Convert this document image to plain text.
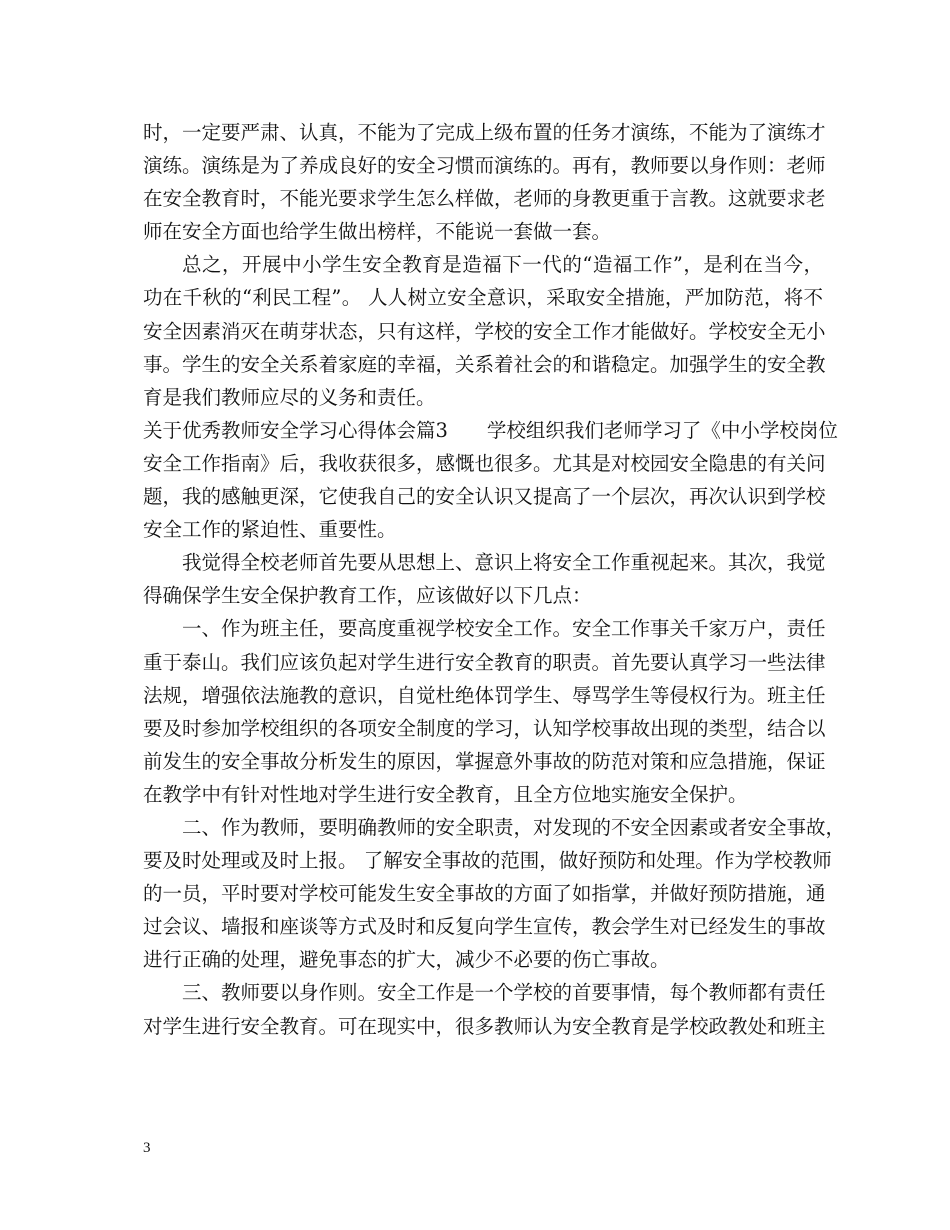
时，一定要严肃、认真，不能为了完成上级布置的任务才演练，不能为了演练才
演练。演练是为了养成良好的安全习惯而演练的。再有，教师要以身作则：老师
在安全教育时，不能光要求学生怎么样做，老师的身教更重于言教。这就要求老
师在安全方面也给学生做出榜样，不能说一套做一套。
总之，开展中小学生安全教育是造福下一代的“造福工作”，是利在当今，
功在千秋的“利民工程”。 人人树立安全意识，采取安全措施，严加防范，将不
安全因素消灭在萌芽状态，只有这样，学校的安全工作才能做好。学校安全无小
事。学生的安全关系着家庭的幸福，关系着社会的和谐稳定。加强学生的安全教
育是我们教师应尽的义务和责任。
关于优秀教师安全学习心得体会篇3　　学校组织我们老师学习了《中小学校岗位
安全工作指南》后，我收获很多，感慨也很多。尤其是对校园安全隐患的有关问
题，我的感触更深，它使我自己的安全认识又提高了一个层次，再次认识到学校
安全工作的紧迫性、重要性。
我觉得全校老师首先要从思想上、意识上将安全工作重视起来。其次，我觉
得确保学生安全保护教育工作，应该做好以下几点：
一、作为班主任，要高度重视学校安全工作。安全工作事关千家万户，责任
重于泰山。我们应该负起对学生进行安全教育的职责。首先要认真学习一些法律
法规，增强依法施教的意识，自觉杜绝体罚学生、辱骂学生等侵权行为。班主任
要及时参加学校组织的各项安全制度的学习，认知学校事故出现的类型，结合以
前发生的安全事故分析发生的原因，掌握意外事故的防范对策和应急措施，保证
在教学中有针对性地对学生进行安全教育，且全方位地实施安全保护。
二、作为教师，要明确教师的安全职责，对发现的不安全因素或者安全事故，
要及时处理或及时上报。 了解安全事故的范围，做好预防和处理。作为学校教师
的一员，平时要对学校可能发生安全事故的方面了如指掌，并做好预防措施，通
过会议、墙报和座谈等方式及时和反复向学生宣传，教会学生对已经发生的事故
进行正确的处理，避免事态的扩大，减少不必要的伤亡事故。
三、教师要以身作则。安全工作是一个学校的首要事情，每个教师都有责任
对学生进行安全教育。可在现实中，很多教师认为安全教育是学校政教处和班主
3
